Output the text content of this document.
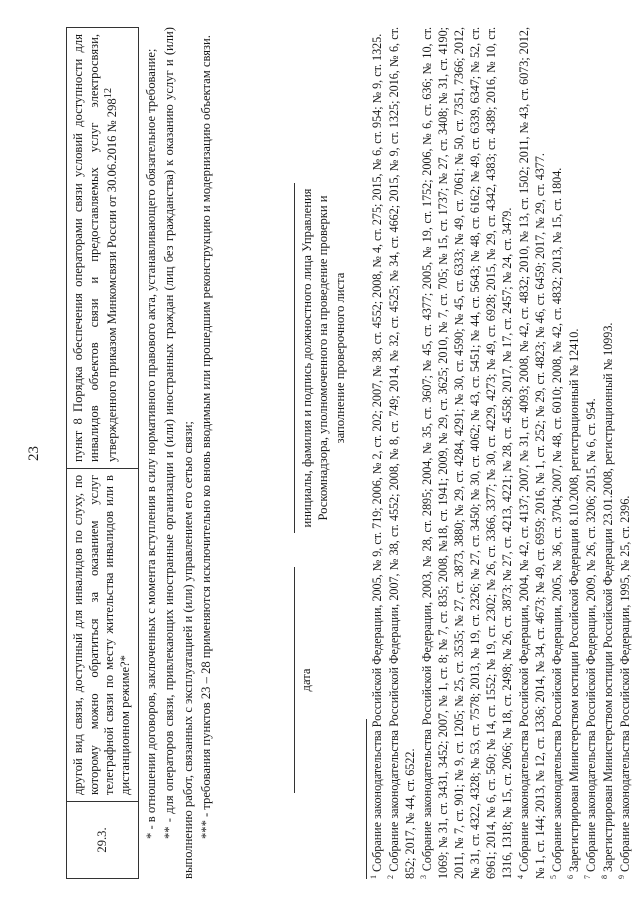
23
29.3.	другой вид связи, доступный для инвалидов по слуху, по которому можно обратиться за оказанием услуг телеграфной связи по месту жительства инвалидов или в дистанционном режиме?*	пункт 8 Порядка обеспечения операторами связи условий доступности для инвалидов объектов связи и предоставляемых услуг электросвязи, утвержденного приказом Минкомсвязи России от 30.06.2016 № $298^{12}$ * - в отношении договоров, заключенных с момента вступления в силу нормативного правового акта, устанавливающего обязательное требование; ** - для операторов связи, привлекающих иностранные организации и (или) иностранных граждан (лиц без гражданства) к оказанию услуг и (или) выполнению работ, связанных с эксплуатацией и (или) управлением его сетью связи; *** - требования пунктов 23 – 28 применяются исключительно ко вновь вводимым или прошедшим реконструкцию и модернизацию объектам связи.	дата
инициалы, фамилия и подпись должностного лица Управления Роскомнадзора, уполномоченного на проведение проверки и заполнение проверочного листа

$^1$ Собрание законодательства Российской Федерации, 2005, № 9, ст. 719; 2006, № 2, ст. 202; 2007, № 38, ст. 4552; 2008, № 4, ст. 275; 2015, № 6, ст. 954; № 9, ст. 1325.

$^2$ Собрание законодательства Российской Федерации, 2007, № 38, ст. 4552; 2008, № 8, ст. 749; 2014, № 32, ст. 4525; № 34, ст. 4662; 2015, № 9, ст. 1325; 2016, № 6, ст. 852; 2017, № 44, ст. 6522. $^3$ Собрание законодательства Российской Федерации, 2003, № 28, ст. 2895; 2004, № 35, ст. 3607; № 45, ст. 4377; 2005, № 19, ст. 1752; 2006, № 6, ст. 636; № 10, ст. 1069; № 31, ст. 3431, 3452; 2007, № 1, ст. 8; № 7, ст. 835; 2008, №18, ст. 1941; 2009, № 29, ст. 3625; 2010, № 7, ст. 705; № 15, ст. 1737; № 27, ст. 3408; № 31, ст. 4190; 2011, № 7, ст. 901; № 9, ст. 1205; № 25, ст. 3535; № 27, ст. 3873, 3880; № 29, ст. 4284, 4291; № 30, ст. 4590; № 45, ст. 6333; № 49, ст. 7061; № 50, ст. 7351, 7366; 2012, № 31, ст. 4322, 4328; № 53, ст. 7578; 2013, № 19, ст. 2326; № 27, ст. 3450; № 30, ст. 4062; № 43, ст. 5451; № 44, ст. 5643; № 48, ст. 6162; № 49, ст. 6339, 6347; № 52, ст. 6961; 2014, № 6, ст. 560; № 14, ст. 1552; № 19, ст. 2302; № 26, ст. 3366, 3377; № 30, ст. 4229, 4273; № 49, ст. 6928; 2015, № 29, ст. 4342, 4383; ст. 4389; 2016, № 10, ст. 1316, 1318; № 15, ст. 2066; № 18, ст. 2498; № 26, ст. 3873; № 27, ст. 4213, 4221; № 28, ст. 4558; 2017, № 17, ст. 2457; № 24, ст. 3479. $^4$ Собрание законодательства Российской Федерации, 2004, № 42, ст. 4137; 2007, № 31, ст. 4093; 2008, № 42, ст. 4832; 2010, № 13, ст. 1502; 2011, № 43, ст. 6073; 2012, № 1, ст. 144; 2013, № 12, ст. 1336; 2014, № 34, ст. 4673; № 49, ст. 6959; 2016, № 1, ст. 252; № 29, ст. 4823; № 46, ст. 6459; 2017, № 29, ст. 4377. $^5$ Собрание законодательства Российской Федерации, 2005, № 36, ст. 3704; 2007, № 48, ст. 6010; 2008, № 42, ст. 4832; 2013, № 15, ст. 1804.

$^6$ Зарегистрирован Министерством юстиции Российской Федерации 8.10.2008, регистрационный № 12410.

$^7$ Собрание законодательства Российской Федерации, 2009, № 26, ст. 3206; 2015, № 6, ст. 954.

$^8$ Зарегистрирован Министерством юстиции Российской Федерации 23.01.2008, регистрационный № 10993.

$^9$ Собрание законодательства Российской Федерации, 1995, № 25, ст. 2396.
